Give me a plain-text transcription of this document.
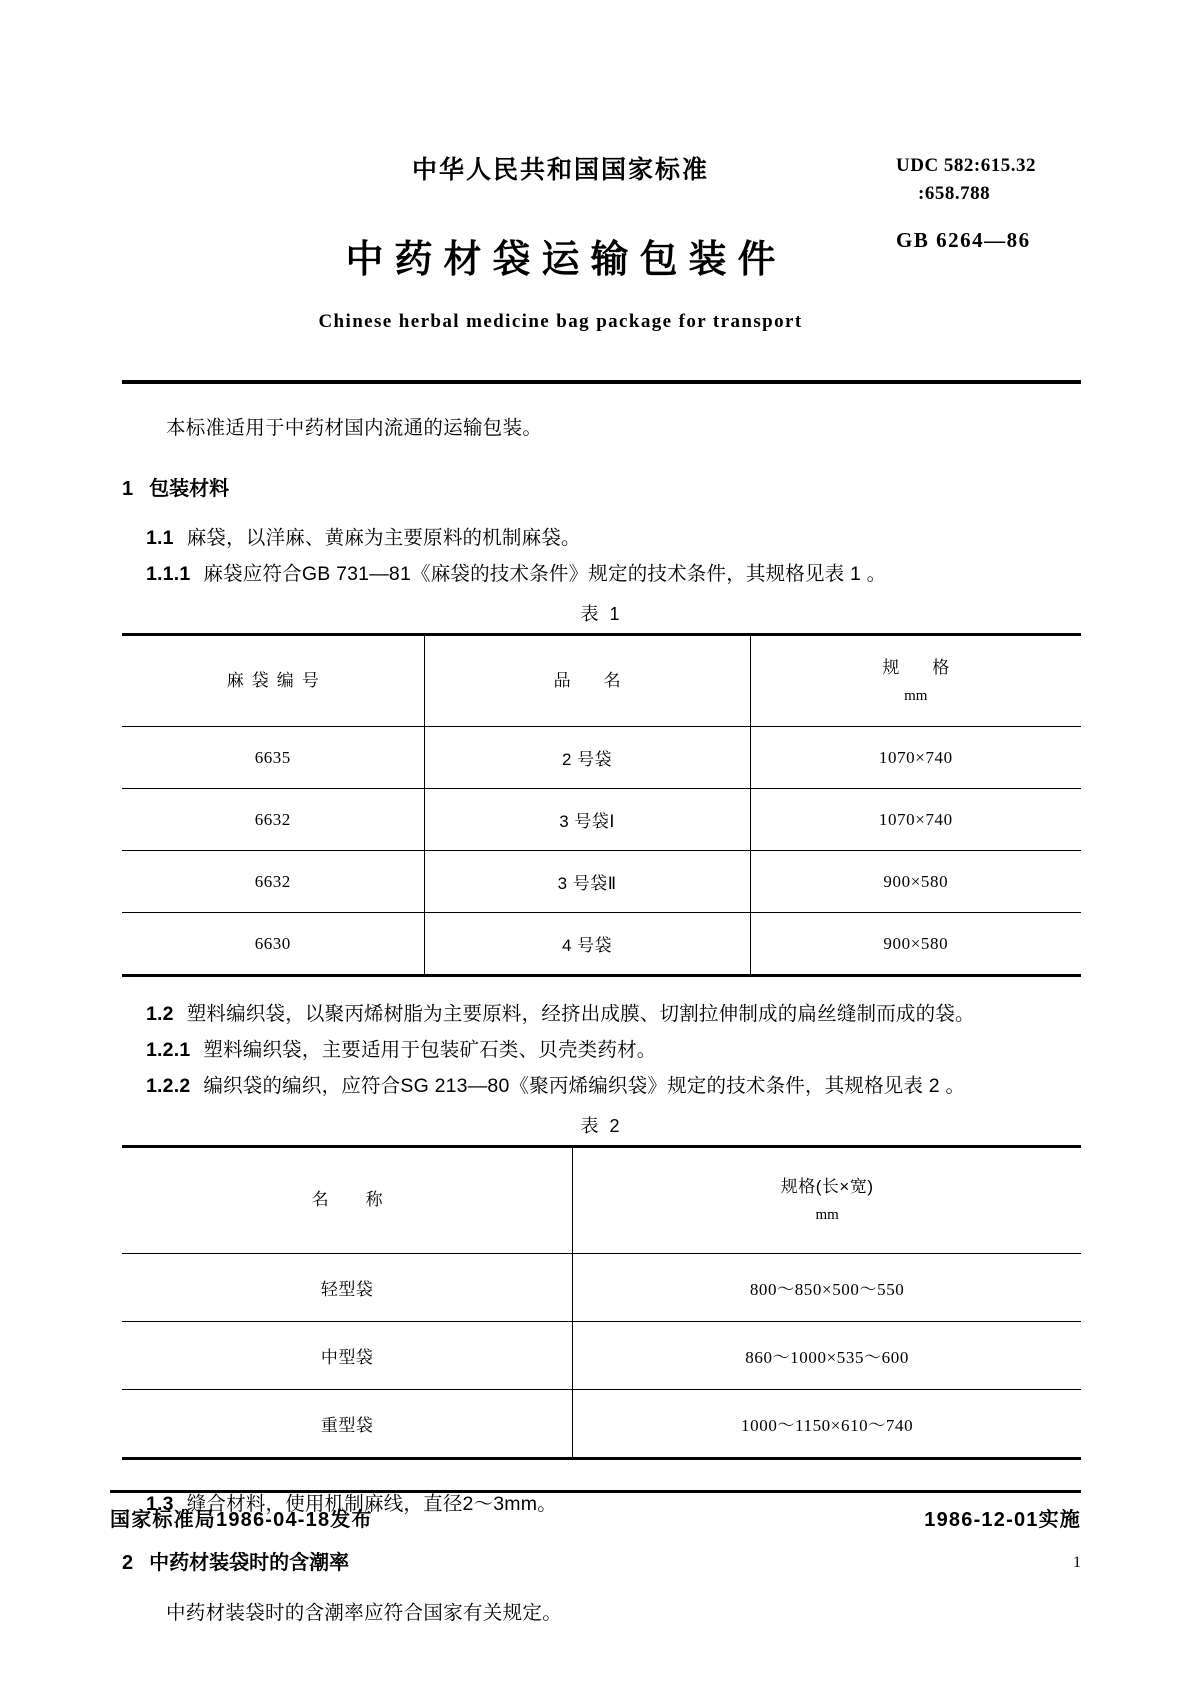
中华人民共和国国家标准	UDC 582:615.32
:658.788
GB 6264—86
中药材袋运输包装件
Chinese herbal medicine bag package for transport
本标准适用于中药材国内流通的运输包装。
1 包装材料
1.1 麻袋，以洋麻、黄麻为主要原料的机制麻袋。
1.1.1 麻袋应符合GB 731—81《麻袋的技术条件》规定的技术条件，其规格见表 1 。
表 1
麻袋编号	品　名	规　格
mm

6635	2 号袋	1070×740
6632	3 号袋Ⅰ	1070×740
6632	3 号袋Ⅱ	900×580
6630	4 号袋	900×580
1.2 塑料编织袋，以聚丙烯树脂为主要原料，经挤出成膜、切割拉伸制成的扁丝缝制而成的袋。
1.2.1 塑料编织袋，主要适用于包装矿石类、贝壳类药材。
1.2.2 编织袋的编织，应符合SG 213—80《聚丙烯编织袋》规定的技术条件，其规格见表 2 。
表 2
名　称	规格(长×宽)
mm

轻型袋	800～850×500～550
中型袋	860～1000×535～600
重型袋	1000～1150×610～740
1.3 缝合材料，使用机制麻线，直径2～3mm。
2 中药材装袋时的含潮率
中药材装袋时的含潮率应符合国家有关规定。
国家标准局1986-04-18发布	1986-12-01实施
1
